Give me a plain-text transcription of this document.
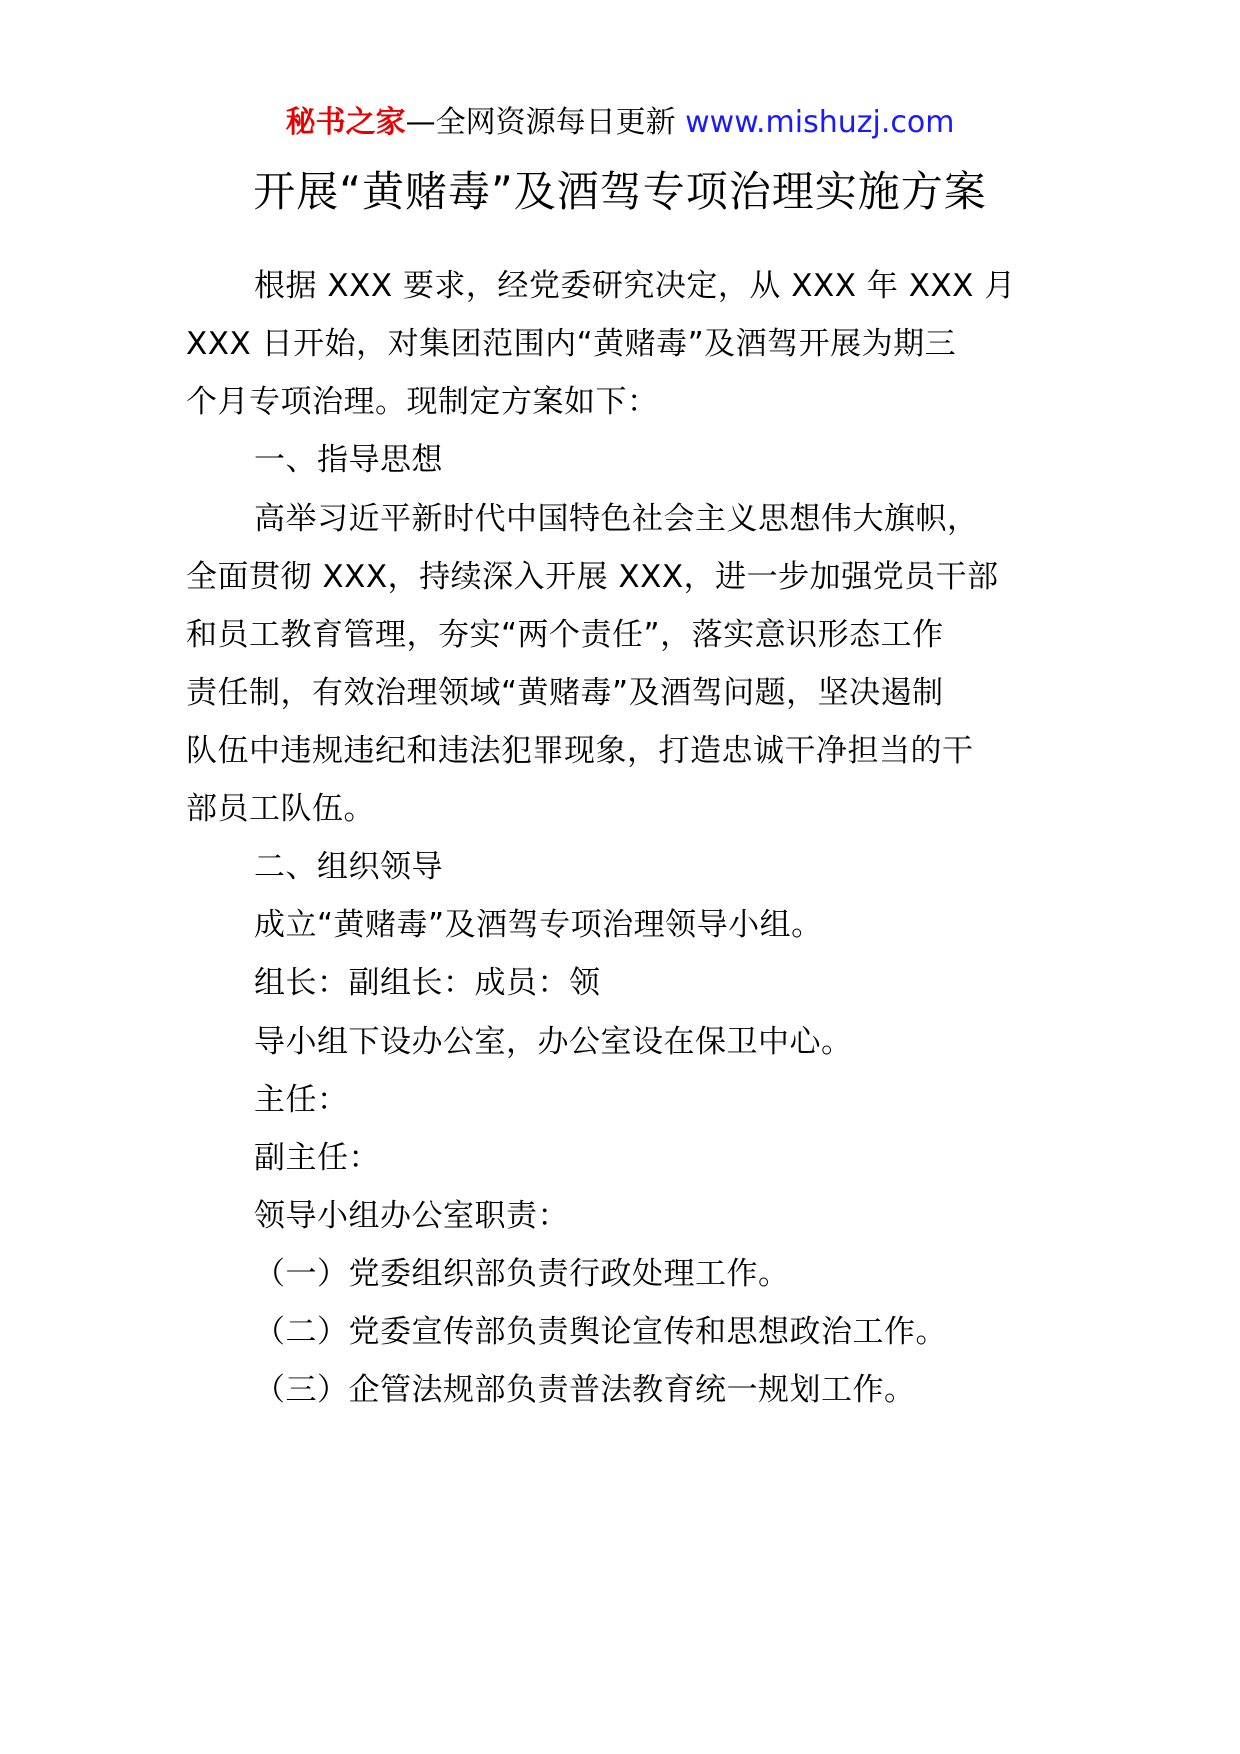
秘书之家—全网资源每日更新 www.mishuzj.com
开展“黄赌毒”及酒驾专项治理实施方案
根据 XXX 要求，经党委研究决定，从 XXX 年 XXX 月
XXX 日开始，对集团范围内“黄赌毒”及酒驾开展为期三
个月专项治理。现制定方案如下：
一、指导思想
高举习近平新时代中国特色社会主义思想伟大旗帜，
全面贯彻 XXX，持续深入开展 XXX，进一步加强党员干部
和员工教育管理，夯实“两个责任”，落实意识形态工作
责任制，有效治理领域“黄赌毒”及酒驾问题，坚决遏制
队伍中违规违纪和违法犯罪现象，打造忠诚干净担当的干
部员工队伍。
二、组织领导
成立“黄赌毒”及酒驾专项治理领导小组。
组长：副组长：成员：领
导小组下设办公室，办公室设在保卫中心。
主任：
副主任：
领导小组办公室职责：
（一）党委组织部负责行政处理工作。
（二）党委宣传部负责舆论宣传和思想政治工作。
（三）企管法规部负责普法教育统一规划工作。
